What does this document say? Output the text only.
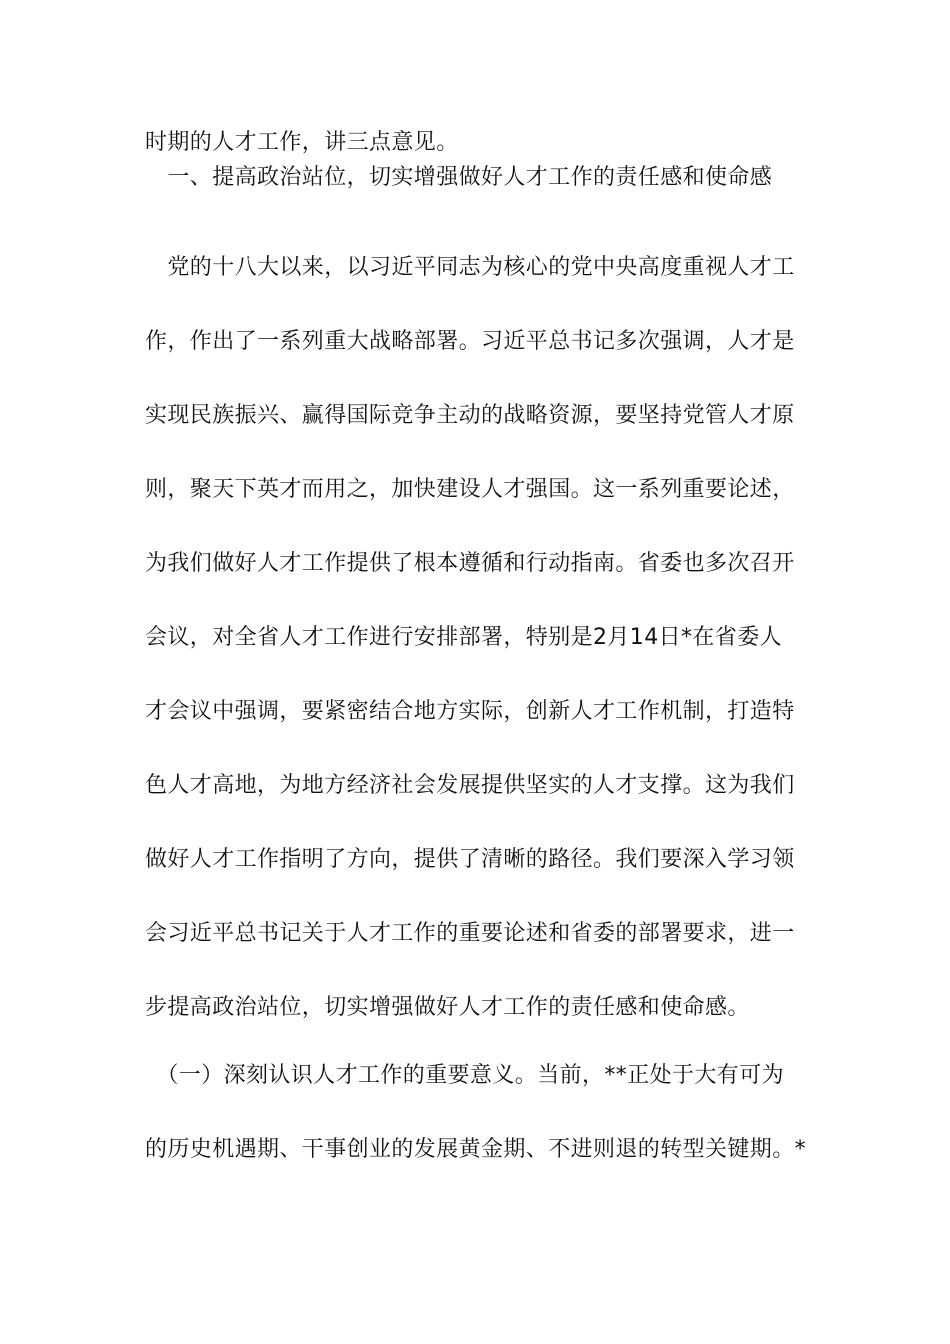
时期的人才工作，讲三点意见。
　一、提高政治站位，切实增强做好人才工作的责任感和使命感
　党的十八大以来，以习近平同志为核心的党中央高度重视人才工
作，作出了一系列重大战略部署。习近平总书记多次强调，人才是
实现民族振兴、赢得国际竞争主动的战略资源，要坚持党管人才原
则，聚天下英才而用之，加快建设人才强国。这一系列重要论述，
为我们做好人才工作提供了根本遵循和行动指南。省委也多次召开
会议，对全省人才工作进行安排部署，特别是2月14日*在省委人
才会议中强调，要紧密结合地方实际，创新人才工作机制，打造特
色人才高地，为地方经济社会发展提供坚实的人才支撑。这为我们
做好人才工作指明了方向，提供了清晰的路径。我们要深入学习领
会习近平总书记关于人才工作的重要论述和省委的部署要求，进一
步提高政治站位，切实增强做好人才工作的责任感和使命感。
　（一）深刻认识人才工作的重要意义。当前，**正处于大有可为
的历史机遇期、干事创业的发展黄金期、不进则退的转型关键期。*
